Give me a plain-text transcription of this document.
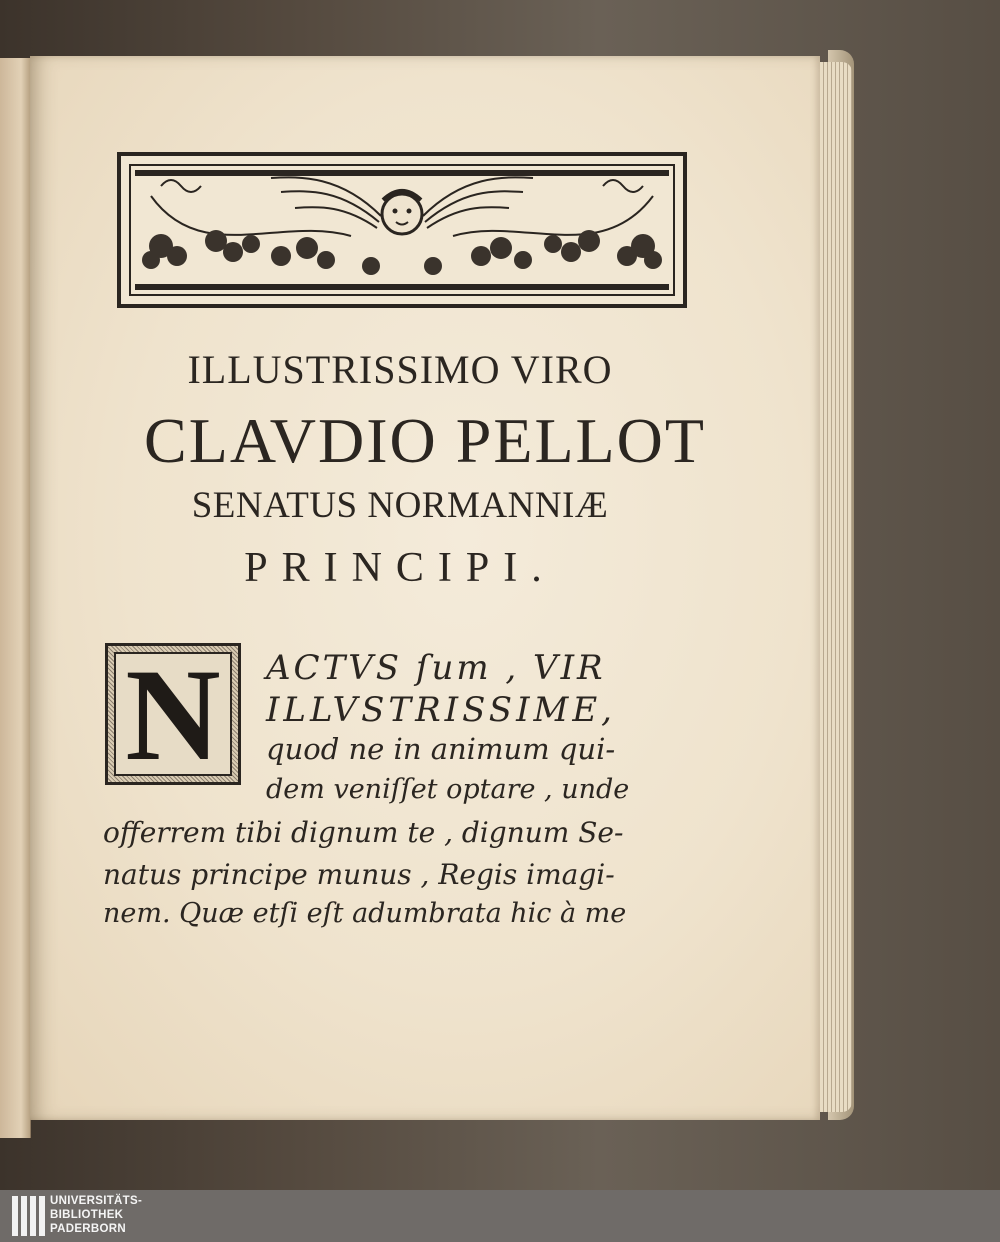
ILLUSTRISSIMO VIRO
CLAVDIO PELLOT
SENATUS NORMANNIÆ
PRINCIPI.
N	ACTVS ſum , VIR
ILLVSTRISSIME,
quod ne in animum qui-
dem veniſſet optare , unde
offerrem tibi dignum te , dignum Se-
natus principe munus , Regis imagi-
nem. Quæ etſi eſt adumbrata hic à me
UNIVERSITÄTS-
BIBLIOTHEK
PADERBORN
